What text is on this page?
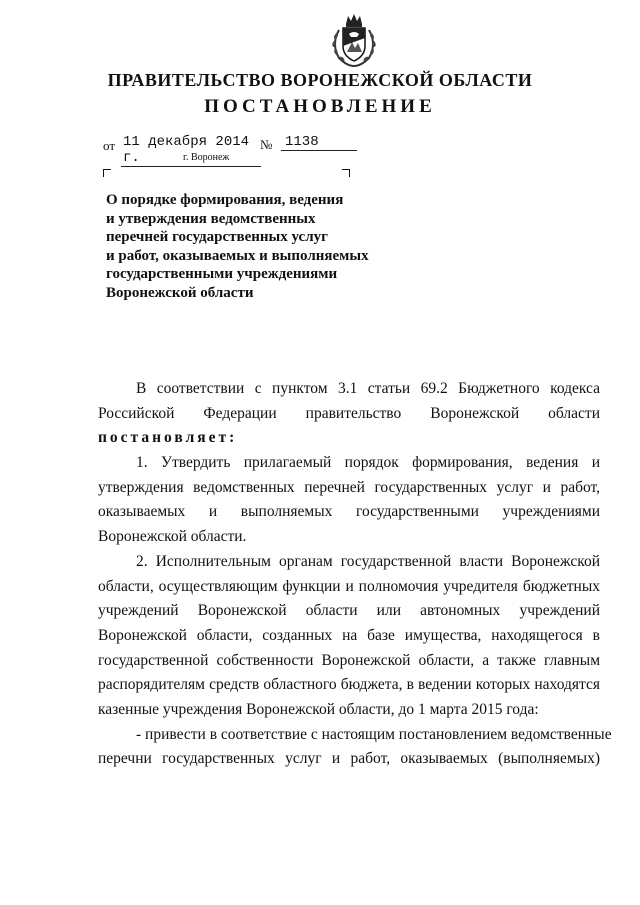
ПРАВИТЕЛЬСТВО ВОРОНЕЖСКОЙ ОБЛАСТИ
ПОСТАНОВЛЕНИЕ
от 11 декабря 2014 г.
№ 1138
г. Воронеж
О порядке формирования, ведения
и утверждения ведомственных
перечней государственных услуг
и работ, оказываемых и выполняемых
государственными учреждениями
Воронежской области
В соответствии с пунктом 3.1 статьи 69.2 Бюджетного кодекса
Российской Федерации правительство Воронежской области
постановляет:
1. Утвердить прилагаемый порядок формирования, ведения и
утверждения ведомственных перечней государственных услуг и работ,
оказываемых и выполняемых государственными учреждениями
Воронежской области.
2. Исполнительным органам государственной власти Воронежской
области, осуществляющим функции и полномочия учредителя бюджетных
учреждений Воронежской области или автономных учреждений
Воронежской области, созданных на базе имущества, находящегося в
государственной собственности Воронежской области, а также главным
распорядителям средств областного бюджета, в ведении которых находятся
казенные учреждения Воронежской области, до 1 марта 2015 года:
- привести в соответствие с настоящим постановлением ведомственные
перечни государственных услуг и работ, оказываемых (выполняемых)
